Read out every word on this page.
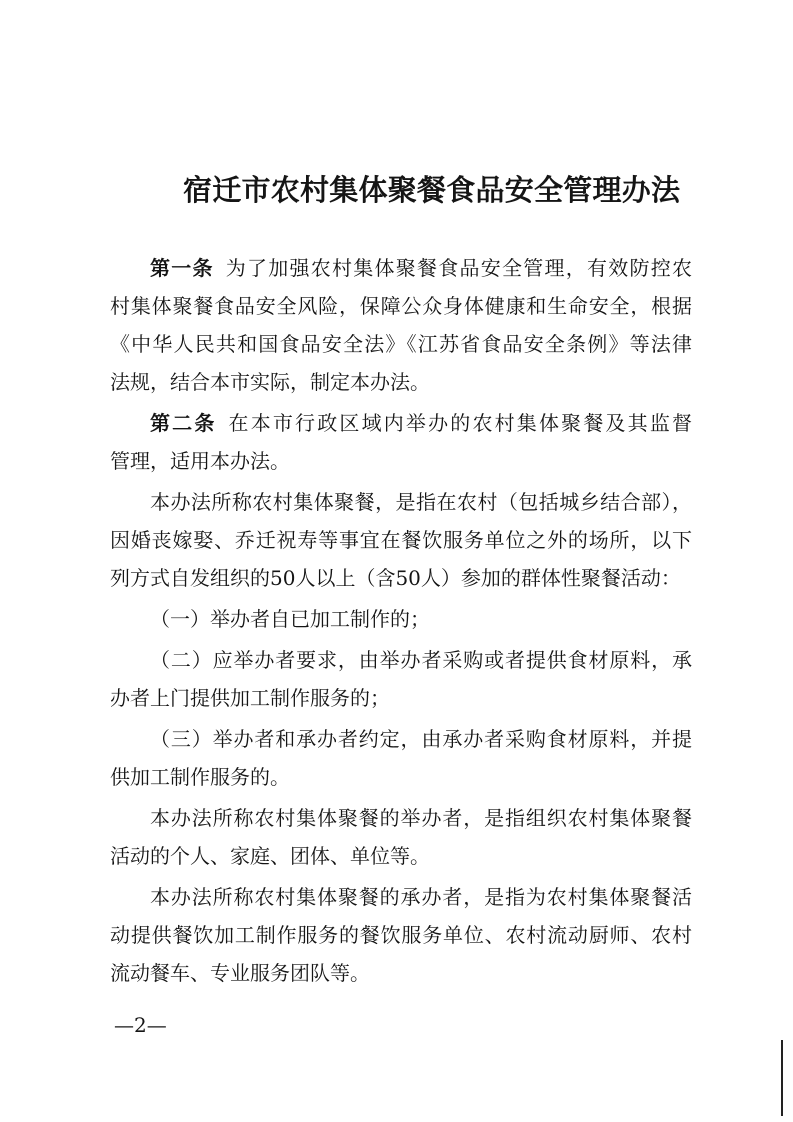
宿迁市农村集体聚餐食品安全管理办法
第一条 为了加强农村集体聚餐食品安全管理，有效防控农
村集体聚餐食品安全风险，保障公众身体健康和生命安全，根据
《中华人民共和国食品安全法》《江苏省食品安全条例》等法律
法规，结合本市实际，制定本办法。
第二条 在本市行政区域内举办的农村集体聚餐及其监督
管理，适用本办法。
本办法所称农村集体聚餐，是指在农村（包括城乡结合部），
因婚丧嫁娶、乔迁祝寿等事宜在餐饮服务单位之外的场所，以下
列方式自发组织的50人以上（含50人）参加的群体性聚餐活动：
（一）举办者自已加工制作的；
（二）应举办者要求，由举办者采购或者提供食材原料，承
办者上门提供加工制作服务的；
（三）举办者和承办者约定，由承办者采购食材原料，并提
供加工制作服务的。
本办法所称农村集体聚餐的举办者，是指组织农村集体聚餐
活动的个人、家庭、团体、单位等。
本办法所称农村集体聚餐的承办者，是指为农村集体聚餐活
动提供餐饮加工制作服务的餐饮服务单位、农村流动厨师、农村
流动餐车、专业服务团队等。
—2—
